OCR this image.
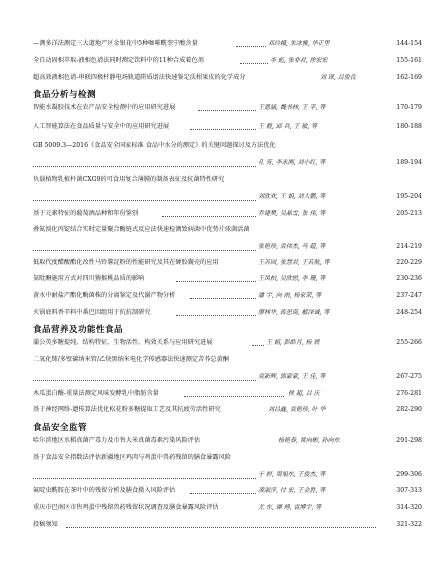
—测多洋法测定三大道地产区金银花中5种咖啡酰奎宁酸含量	邓玲娥, 朱冰雅, 华正里	144-154
全自动固相萃取-液相色谱法同时测定饮料中的11种合成着色剂	李 彪, 张非君, 徐宏宏	155-161
超高效液相色谱-串联四极杆静电场轨道阱质谱法快速鉴定沃柑果皮的化学成分	刘 琛, 吕俊良	162-169
食品分析与检测
智能水凝胶技术在农产品安全检测中的应用研究进展	王恩涵, 魏书林, 王 平, 等	170-179
人工智能算法在食品质量与安全中的应用研究进展	王 霞, 邱 兵, 王 敏, 等	180-188
GB 5009.3—2016《食品安全国家标准 食品中水分的测定》的关键问题探讨及方法优化
孔 芳, 李永刚, 刘小红, 等	189-194
负载植物乳植杆菌CXG9的可食用复合薄膜的制备表征及抗菌特性研究
刘欣欢, 王 娟, 刘大鹏, 等	195-204
基于元素特征的葡萄酒品种和年份鉴别	乔建樊, 吴晶雪, 张 伟, 等	205-213
叠氮溴化丙锭结合实时定量聚合酶链式反应法快速检测致病菌中优势片球菌活菌
张艳珍, 袁伟杰, 马 超, 等	214-219
低取代度醋酸酯化改性马铃薯淀粉的性能研究及其在硬胶囊壳的应用	王苏园, 张慧君, 王若航, 等	220-229
氨吡酮施用方式对四川猕猴桃品质的影响	王凤柏, 吴欣慰, 李 珊, 等	230-236
黄水中耐盐产酯化酶菌株的分离鉴定及代谢产物分析	潘 宇, 向 雨, 杨家荣, 等	237-247
火锅底料香辛料中番巴因组用于抗抗制研究	廖林华, 蒋思南, 解泽诚, 等	248-254
食品营养及功能性食品
蒲公英多糖提纯、结构特征、生物活性、构效关系与应用研究进展	王 娟, 彭皓月, 杨 晨	255-266
二氧化铈/多壁碳纳米管/乙炔黑纳米电化学传感器法快速测定苦荞总黄酮
袁新辉, 郭蒙蒙, 王 佳, 等	267-275
木瓜蛋白酶-重量法测定风味发酵乳中脂肪含量	侯 超, 吕 庆	276-281
基于神经网络-遗传算法优化松花粉多糖提取工艺及其抗疲劳活性研究	刘吕鑫, 袁艳珍, 叶 华	282-290
食品安全监管
哈尔滨地区水稻真菌产毒力及市售大米真菌毒素污染风险评估	杨艳春, 常向彬, 孙向东	291-298
基于食品安全指数法评估新疆地区鸡肉与鸡蛋中兽药残留的膳食暴露风险
于 婷, 周旭东, 王俊杰, 等	299-306
氟啶虫酰胺在茶叶中的残留分析及膳食摄入风险评估	凌淑萍, 付 宏, 王金胜, 等	307-313
重庆市巴南区市售鸡蛋中残留兽药残留状况调查及膳食暴露风险评估	尤 东, 谭 傅, 袁博宇, 等	314-320
投稿须知	321-322
